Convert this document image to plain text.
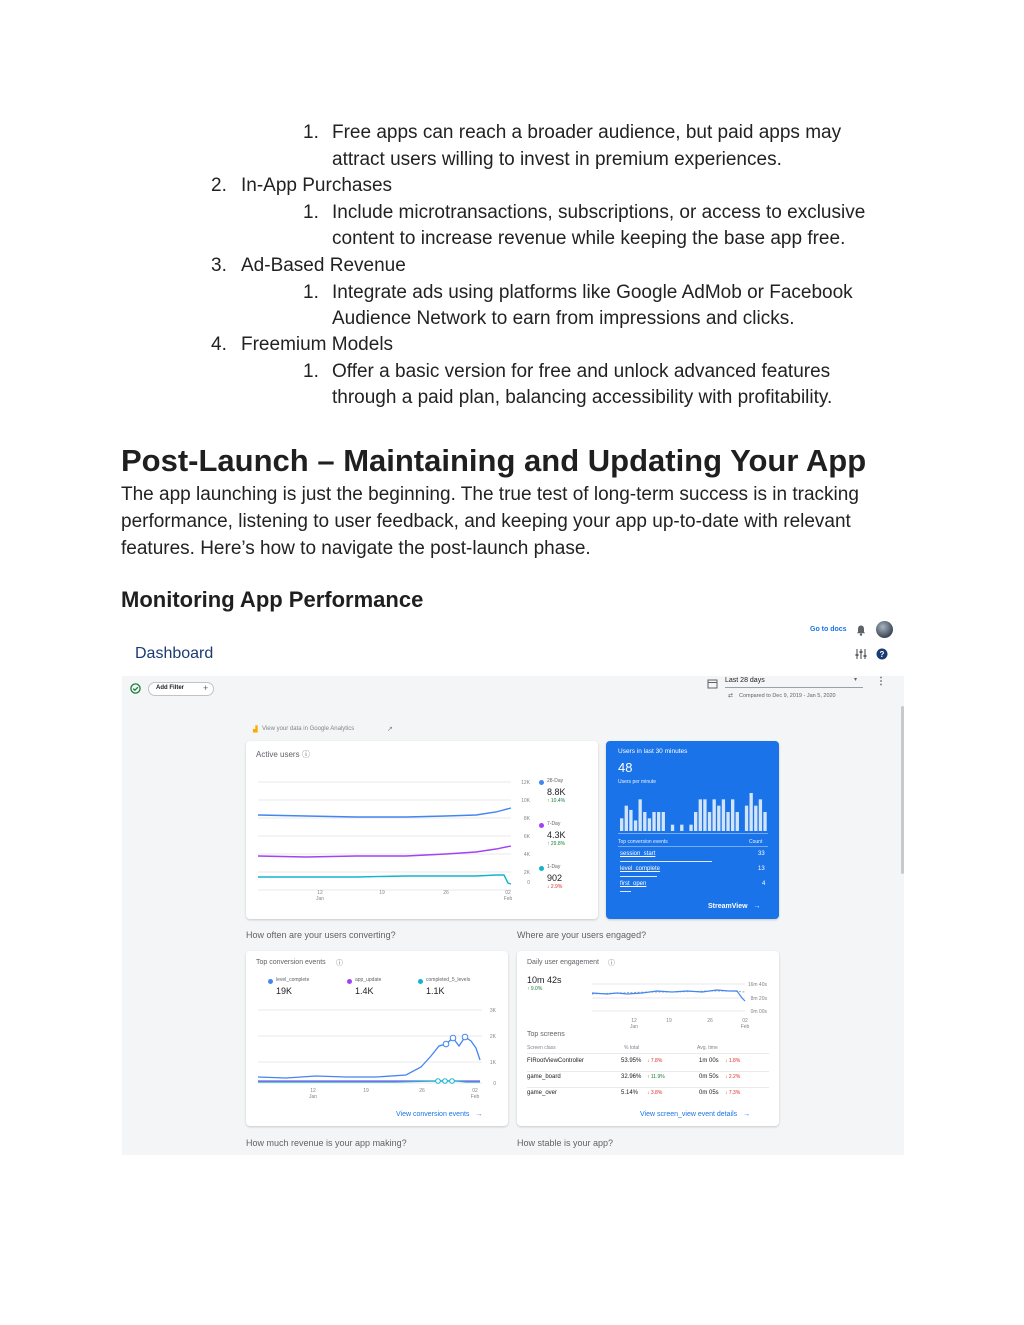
1. Free apps can reach a broader audience, but paid apps may
attract users willing to invest in premium experiences.
2. In-App Purchases
1. Include microtransactions, subscriptions, or access to exclusive
content to increase revenue while keeping the base app free.
3. Ad-Based Revenue
1. Integrate ads using platforms like Google AdMob or Facebook
Audience Network to earn from impressions and clicks.
4. Freemium Models
1. Offer a basic version for free and unlock advanced features
through a paid plan, balancing accessibility with profitability.
Post-Launch – Maintaining and Updating Your App
The app launching is just the beginning. The true test of long-term success is in tracking performance, listening to user feedback, and keeping your app up-to-date with relevant features. Here’s how to navigate the post-launch phase.
Monitoring App Performance
Go to docs
Dashboard	?
Add Filter +
Last 28 days	▾
⇄ Compared to Dec 9, 2019 - Jan 5, 2020
⋮
▟ View your data in Google Analytics	↗
Active users ⓘ
12K
10K
8K
6K
4K
2K
0
12
Jan
19	26	02
Feb
28-Day
8.8K
↑ 10.4%
7-Day
4.3K
↑ 29.8%
1-Day
902
↓ 2.9%
Users in last 30 minutes
48
Users per minute
Top conversion events	Count
session_start	33
level_complete	13
first_open	4
StreamView →
How often are your users converting?	Where are your users engaged?
Top conversion events ⓘ
level_complete
19K
app_update
1.4K
completed_5_levels
1.1K
3K
2K
1K
0
12
Jan
19	26	02
Feb
View conversion events →
Daily user engagement ⓘ
10m 42s
↑ 9.0%
16m 40s
8m 20s
0m 00s
12
Jan
19	26	02
Feb
Top screens
Screen class	% total	Avg. time
FIRootViewController	53.95% ↓ 7.8%	1m 00s ↓ 1.8%
game_board	32.96% ↑ 11.9%	0m 50s ↓ 2.2%
game_over	5.14% ↓ 3.8%	0m 05s ↓ 7.3%
View screen_view event details →
How much revenue is your app making?	How stable is your app?
